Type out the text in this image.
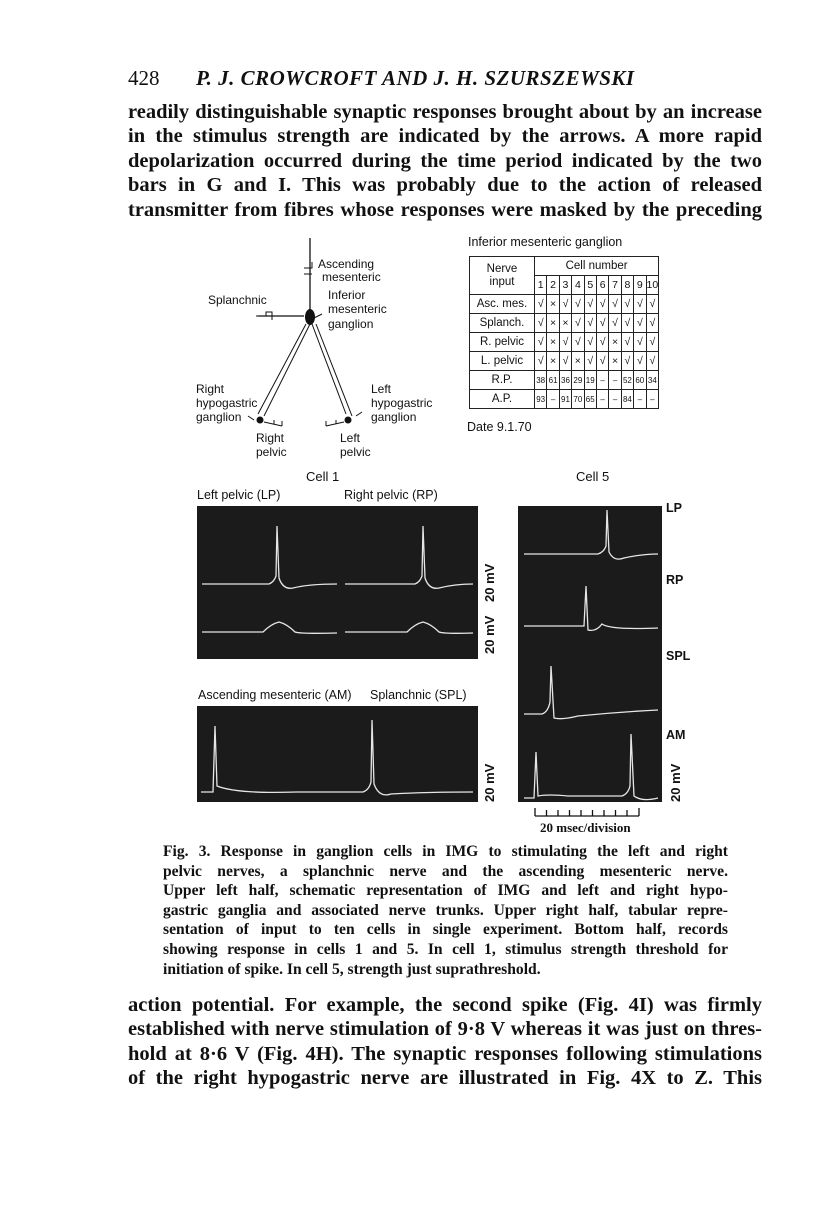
428 P. J. CROWCROFT AND J. H. SZURSZEWSKI
readily distinguishable synaptic responses brought about by an increase
in the stimulus strength are indicated by the arrows. A more rapid
depolarization occurred during the time period indicated by the two
bars in G and I. This was probably due to the action of released
transmitter from fibres whose responses were masked by the preceding
Ascending
mesenteric
Inferior
mesenteric
ganglion
Splanchnic
Right
hypogastric
ganglion
Right
pelvic
Left
hypogastric
ganglion
Left
pelvic
Inferior mesenteric ganglion
Nerve
input	Cell number									
	1	2	3	4	5	6	7	8	9	10
Asc. mes.	√	×	√	√	√	√	√	√	√	√
Splanch.	√	×	×	√	√	√	√	√	√	√
R. pelvic	√	×	√	√	√	√	×	√	√	√
L. pelvic	√	×	√	×	√	√	×	√	√	√
R.P.	38	61	36	29	19	–	–	52	60	34
A.P.	93	–	91	70	65	–	–	84	–	–
Date 9.1.70
Cell 1	Cell 5
Left pelvic (LP)	Right pelvic (RP)
20 mV
20 mV
Ascending mesenteric (AM) Splanchnic (SPL)
20 mV
LP
RP
SPL
AM
20 mV
20 msec/division
Fig. 3. Response in ganglion cells in IMG to stimulating the left and right
pelvic nerves, a splanchnic nerve and the ascending mesenteric nerve.
Upper left half, schematic representation of IMG and left and right hypo-
gastric ganglia and associated nerve trunks. Upper right half, tabular repre-
sentation of input to ten cells in single experiment. Bottom half, records
showing response in cells 1 and 5. In cell 1, stimulus strength threshold for
initiation of spike. In cell 5, strength just suprathreshold.
action potential. For example, the second spike (Fig. 4I) was firmly
established with nerve stimulation of 9·8 V whereas it was just on thres-
hold at 8·6 V (Fig. 4H). The synaptic responses following stimulations
of the right hypogastric nerve are illustrated in Fig. 4X to Z. This
